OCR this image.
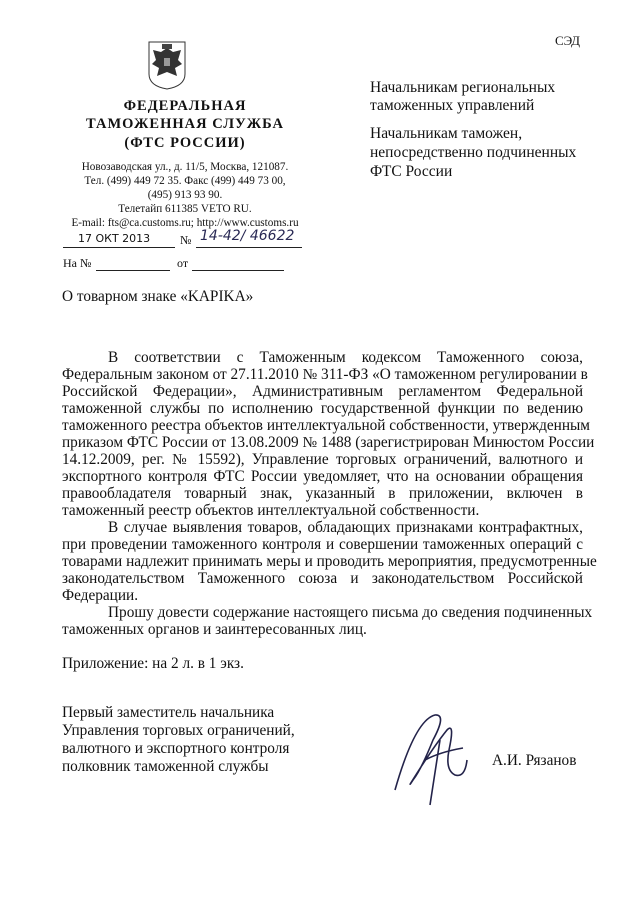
СЭД
ФЕДЕРАЛЬНАЯ
ТАМОЖЕННАЯ СЛУЖБА
(ФТС РОССИИ)
Новозаводская ул., д. 11/5, Москва, 121087.
Тел. (499) 449 72 35. Факс (499) 449 73 00,
(495) 913 93 90.
Телетайп 611385 VETO RU.
E-mail: fts@ca.customs.ru; http://www.customs.ru
17 ОКТ 2013 № 14-42/ 46622
На №	от
Начальникам региональных
таможенных управлений
Начальникам таможен,
непосредственно подчиненных
ФТС России
О товарном знаке «KAPIKA»
В соответствии с Таможенным кодексом Таможенного союза,
Федеральным законом от 27.11.2010 № 311-ФЗ «О таможенном регулировании в
Российской Федерации», Административным регламентом Федеральной
таможенной службы по исполнению государственной функции по ведению
таможенного реестра объектов интеллектуальной собственности, утвержденным
приказом ФТС России от 13.08.2009 № 1488 (зарегистрирован Минюстом России
14.12.2009, рег. № 15592), Управление торговых ограничений, валютного и
экспортного контроля ФТС России уведомляет, что на основании обращения
правообладателя товарный знак, указанный в приложении, включен в
таможенный реестр объектов интеллектуальной собственности.
В случае выявления товаров, обладающих признаками контрафактных,
при проведении таможенного контроля и совершении таможенных операций с
товарами надлежит принимать меры и проводить мероприятия, предусмотренные
законодательством Таможенного союза и законодательством Российской
Федерации.
Прошу довести содержание настоящего письма до сведения подчиненных
таможенных органов и заинтересованных лиц.
Приложение: на 2 л. в 1 экз.
Первый заместитель начальника
Управления торговых ограничений,
валютного и экспортного контроля
полковник таможенной службы	А.И. Рязанов
